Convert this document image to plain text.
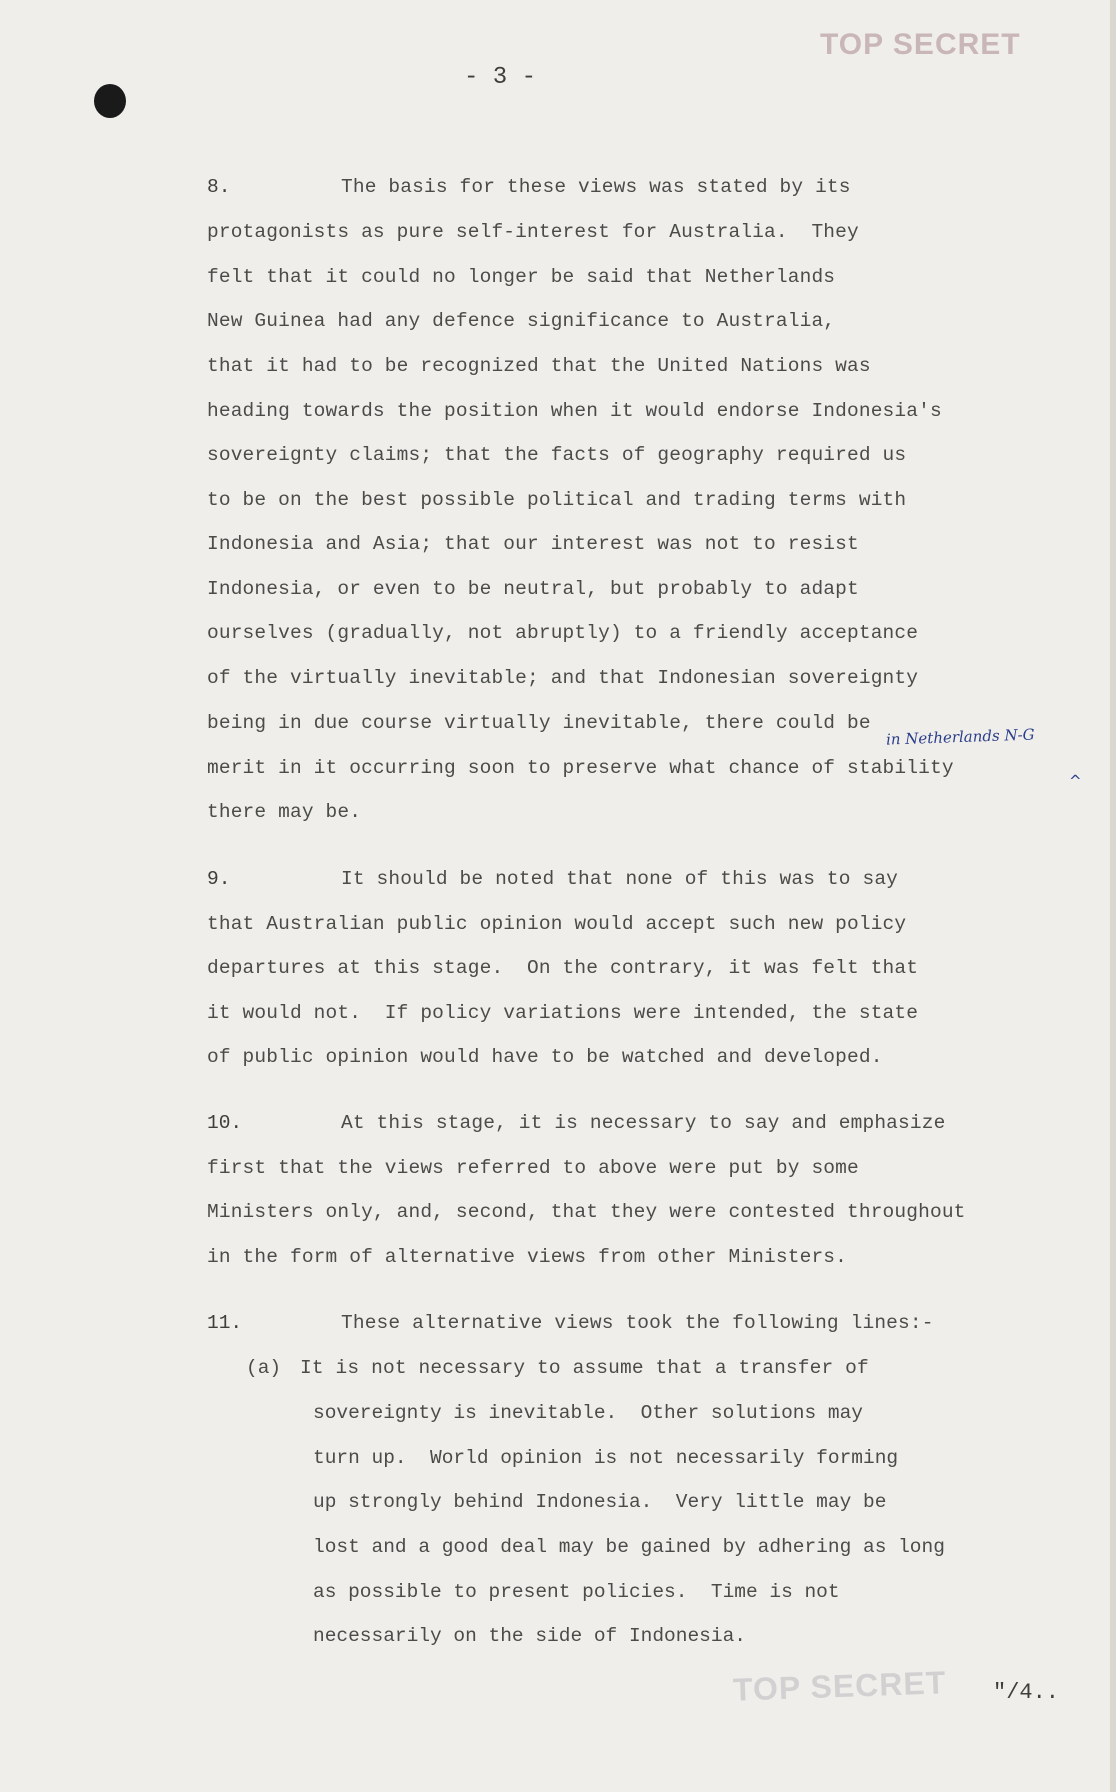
TOP SECRET
- 3 -
8.	The basis for these views was stated by its
protagonists as pure self-interest for Australia.  They
felt that it could no longer be said that Netherlands
New Guinea had any defence significance to Australia,
that it had to be recognized that the United Nations was
heading towards the position when it would endorse Indonesia's
sovereignty claims; that the facts of geography required us
to be on the best possible political and trading terms with
Indonesia and Asia; that our interest was not to resist
Indonesia, or even to be neutral, but probably to adapt
ourselves (gradually, not abruptly) to a friendly acceptance
of the virtually inevitable; and that Indonesian sovereignty
being in due course virtually inevitable, there could be
merit in it occurring soon to preserve what chance of stability
there may be.
in Netherlands N-G
^
9.	It should be noted that none of this was to say
that Australian public opinion would accept such new policy
departures at this stage.  On the contrary, it was felt that
it would not.  If policy variations were intended, the state
of public opinion would have to be watched and developed.
10.	At this stage, it is necessary to say and emphasize
first that the views referred to above were put by some
Ministers only, and, second, that they were contested throughout
in the form of alternative views from other Ministers.
11.	These alternative views took the following lines:-
(a) It is not necessary to assume that a transfer of
sovereignty is inevitable.  Other solutions may
turn up.  World opinion is not necessarily forming
up strongly behind Indonesia.  Very little may be
lost and a good deal may be gained by adhering as long
as possible to present policies.  Time is not
necessarily on the side of Indonesia.
TOP SECRET "/4..
